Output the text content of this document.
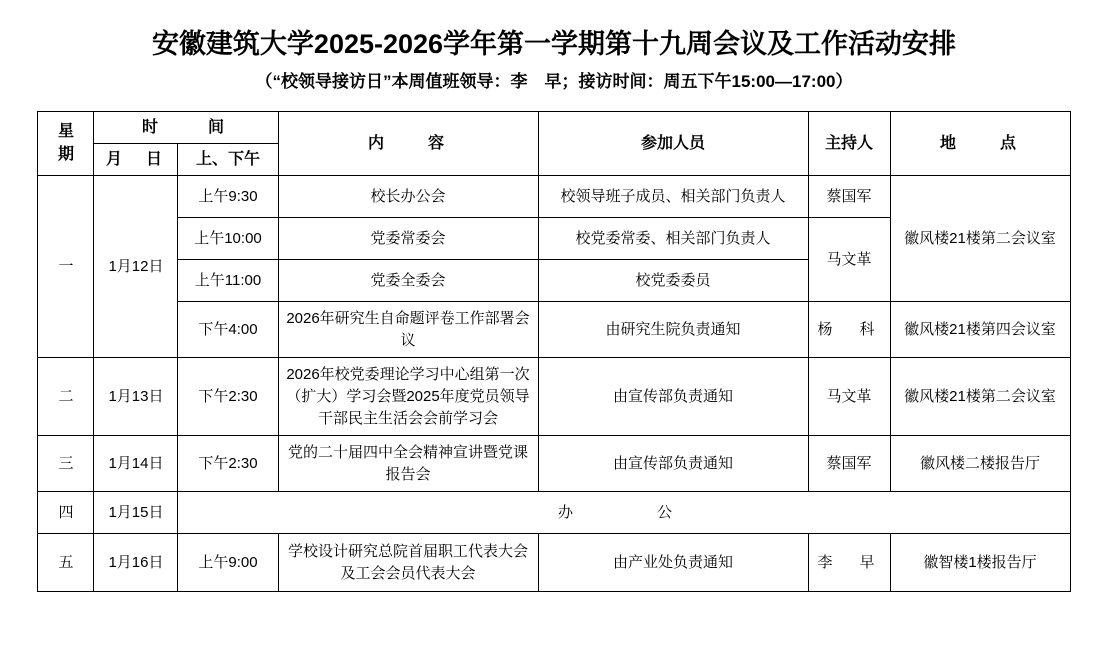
安徽建筑大学2025-2026学年第一学期第十九周会议及工作活动安排
（“校领导接访日”本周值班领导：李　早；接访时间：周五下午15:00—17:00）
星
期	时　　间		内　　容	参加人员	主持人	地　　点
	月　日	上、下午				
一	1月12日	上午9:30	校长办公会	校领导班子成员、相关部门负责人	蔡国军	徽风楼21楼第二会议室
		上午10:00	党委常委会	校党委常委、相关部门负责人	马文革	
		上午11:00	党委全委会	校党委委员		
		下午4:00	2026年研究生自命题评卷工作部署会议	由研究生院负责通知	杨　科	徽风楼21楼第四会议室
二	1月13日	下午2:30	2026年校党委理论学习中心组第一次（扩大）学习会暨2025年度党员领导干部民主生活会会前学习会	由宣传部负责通知	马文革	徽风楼21楼第二会议室
三	1月14日	下午2:30	党的二十届四中全会精神宣讲暨党课报告会	由宣传部负责通知	蔡国军	徽风楼二楼报告厅
四	1月15日	办　　公				
五	1月16日	上午9:00	学校设计研究总院首届职工代表大会及工会会员代表大会	由产业处负责通知	李　早	徽智楼1楼报告厅
